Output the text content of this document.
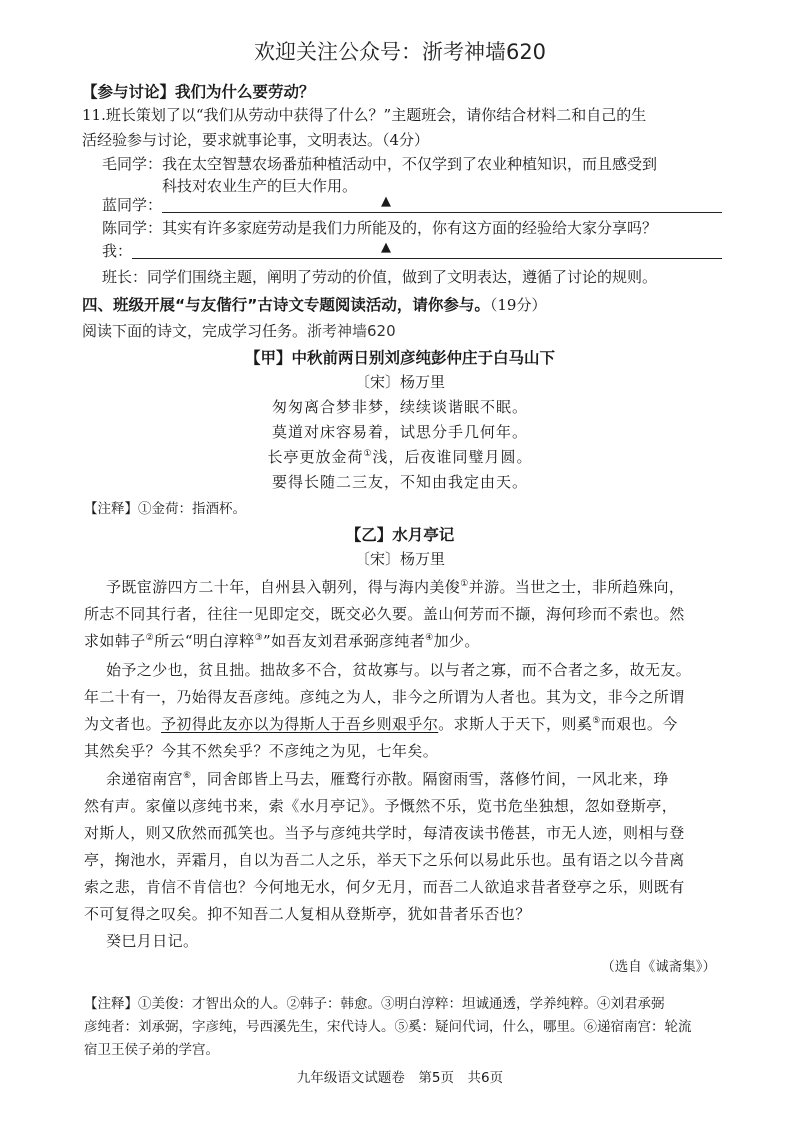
欢迎关注公众号：浙考神墙620
【参与讨论】我们为什么要劳动？
11.班长策划了以“我们从劳动中获得了什么？”主题班会，请你结合材料二和自己的生
活经验参与讨论，要求就事论事，文明表达。（4分）
毛同学：我在太空智慧农场番茄种植活动中，不仅学到了农业种植知识，而且感受到
科技对农业生产的巨大作用。
蓝同学：	▲
陈同学：其实有许多家庭劳动是我们力所能及的，你有这方面的经验给大家分享吗？
我：	▲
班长：同学们围绕主题，阐明了劳动的价值，做到了文明表达，遵循了讨论的规则。
四、班级开展“与友偕行”古诗文专题阅读活动，请你参与。（19分）
阅读下面的诗文，完成学习任务。浙考神墙620
【甲】中秋前两日别刘彦纯彭仲庄于白马山下
〔宋〕杨万里
匆匆离合梦非梦，续续谈谐眠不眠。
莫道对床容易着，试思分手几何年。
长亭更放金荷①浅，后夜谁同璧月圆。
要得长随二三友，不知由我定由天。
【注释】①金荷：指酒杯。
【乙】水月亭记
〔宋〕杨万里
予既宦游四方二十年，自州县入朝列，得与海内美俊①并游。当世之士，非所趋殊向，
所志不同其行者，往往一见即定交，既交必久要。盖山何芳而不撷，海何珍而不索也。然
求如韩子②所云“明白淳粹③”如吾友刘君承弼彦纯者④加少。
始予之少也，贫且拙。拙故多不合，贫故寡与。以与者之寡，而不合者之多，故无友。
年二十有一，乃始得友吾彦纯。彦纯之为人，非今之所谓为人者也。其为文，非今之所谓
为文者也。予初得此友亦以为得斯人于吾乡则艰乎尔。求斯人于天下，则奚⑤而艰也。今
其然矣乎？今其不然矣乎？不彦纯之为见，七年矣。
余递宿南宫⑥，同舍郎皆上马去，雁鹜行亦散。隔窗雨雪，落修竹间，一风北来，琤
然有声。家僮以彦纯书来，索《水月亭记》。予慨然不乐，览书危坐独想，忽如登斯亭，
对斯人，则又欣然而孤笑也。当予与彦纯共学时，每清夜读书倦甚，市无人迹，则相与登
亭，掬池水，弄霜月，自以为吾二人之乐，举天下之乐何以易此乐也。虽有语之以今昔离
索之悲，肯信不肯信也？今何地无水，何夕无月，而吾二人欲追求昔者登亭之乐，则既有
不可复得之叹矣。抑不知吾二人复相从登斯亭，犹如昔者乐否也？
癸巳月日记。
（选自《诚斋集》）
【注释】①美俊：才智出众的人。②韩子：韩愈。③明白淳粹：坦诚通透，学养纯粹。④刘君承弼
彦纯者：刘承弼，字彦纯，号西溪先生，宋代诗人。⑤奚：疑问代词，什么，哪里。⑥递宿南宫：轮流
宿卫王侯子弟的学宫。
九年级语文试题卷　第5页　共6页
